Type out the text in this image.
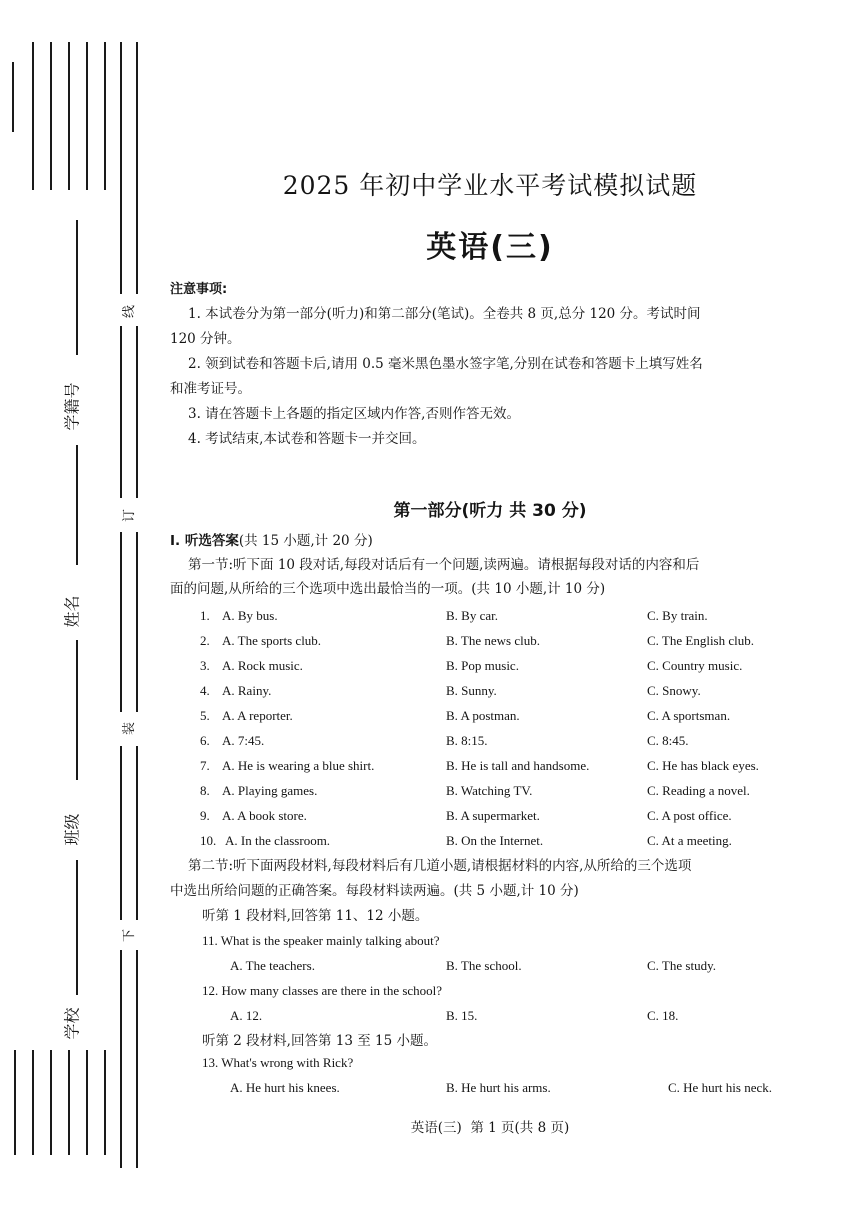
线
订
装
下
学籍号
姓名
班级
学校
2025 年初中学业水平考试模拟试题
英语(三)
注意事项:
1. 本试卷分为第一部分(听力)和第二部分(笔试)。全卷共 8 页,总分 120 分。考试时间
120 分钟。
2. 领到试卷和答题卡后,请用 0.5 毫米黑色墨水签字笔,分别在试卷和答题卡上填写姓名
和准考证号。
3. 请在答题卡上各题的指定区域内作答,否则作答无效。
4. 考试结束,本试卷和答题卡一并交回。
第一部分(听力 共 30 分)
Ⅰ. 听选答案(共 15 小题,计 20 分)
第一节:听下面 10 段对话,每段对话后有一个问题,读两遍。请根据每段对话的内容和后
面的问题,从所给的三个选项中选出最恰当的一项。(共 10 小题,计 10 分)
1. A. By bus.	B. By car.	C. By train.
2. A. The sports club.	B. The news club.	C. The English club.
3. A. Rock music.	B. Pop music.	C. Country music.
4. A. Rainy.	B. Sunny.	C. Snowy.
5. A. A reporter.	B. A postman.	C. A sportsman.
6. A. 7:45.	B. 8:15.	C. 8:45.
7. A. He is wearing a blue shirt.	B. He is tall and handsome.	C. He has black eyes.
8. A. Playing games.	B. Watching TV.	C. Reading a novel.
9. A. A book store.	B. A supermarket.	C. A post office.
10. A. In the classroom.	B. On the Internet.	C. At a meeting.
第二节:听下面两段材料,每段材料后有几道小题,请根据材料的内容,从所给的三个选项
中选出所给问题的正确答案。每段材料读两遍。(共 5 小题,计 10 分)
听第 1 段材料,回答第 11、12 小题。
11. What is the speaker mainly talking about?
A. The teachers.	B. The school.	C. The study.
12. How many classes are there in the school?
A. 12.	B. 15.	C. 18.
听第 2 段材料,回答第 13 至 15 小题。
13. What's wrong with Rick?
A. He hurt his knees.	B. He hurt his arms.	C. He hurt his neck.
英语(三)  第 1 页(共 8 页)
